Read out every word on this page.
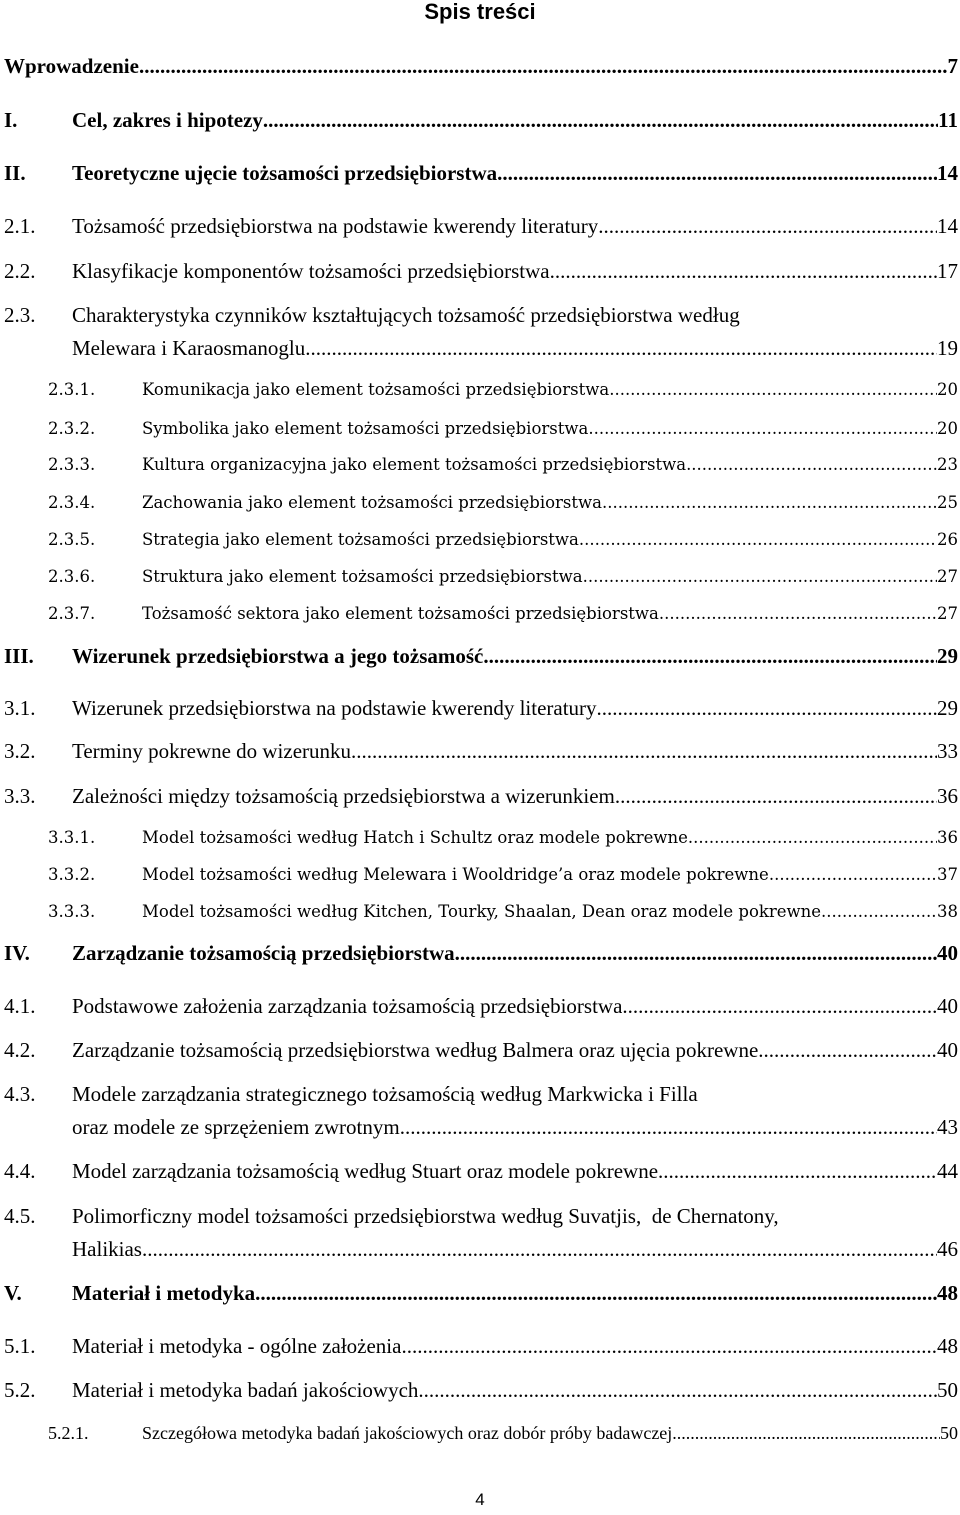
Spis treści
Wprowadzenie .....	7
I.	Cel, zakres i hipotezy .....	11
II.	Teoretyczne ujęcie tożsamości przedsiębiorstwa .....	14
2.1.	Tożsamość przedsiębiorstwa na podstawie kwerendy literatury .....	14
2.2.	Klasyfikacje komponentów tożsamości przedsiębiorstwa .....	17
2.3.	Charakterystyka czynników kształtujących tożsamość przedsiębiorstwa według
Melewara i Karaosmanoglu .....	19
2.3.1.	Komunikacja jako element tożsamości przedsiębiorstwa .....	20
2.3.2.	Symbolika jako element tożsamości przedsiębiorstwa .....	20
2.3.3.	Kultura organizacyjna jako element tożsamości przedsiębiorstwa .....	23
2.3.4.	Zachowania jako element tożsamości przedsiębiorstwa .....	25
2.3.5.	Strategia jako element tożsamości przedsiębiorstwa .....	26
2.3.6.	Struktura jako element tożsamości przedsiębiorstwa .....	27
2.3.7.	Tożsamość sektora jako element tożsamości przedsiębiorstwa .....	27
III.	Wizerunek przedsiębiorstwa a jego tożsamość .....	29
3.1.	Wizerunek przedsiębiorstwa na podstawie kwerendy literatury .....	29
3.2.	Terminy pokrewne do wizerunku .....	33
3.3.	Zależności między tożsamością przedsiębiorstwa a wizerunkiem .....	36
3.3.1.	Model tożsamości według Hatch i Schultz oraz modele pokrewne .....	36
3.3.2.	Model tożsamości według Melewara i Wooldridge’a oraz modele pokrewne .....	37
3.3.3.	Model tożsamości według Kitchen, Tourky, Shaalan, Dean oraz modele pokrewne .....	38
IV.	Zarządzanie tożsamością przedsiębiorstwa .....	40
4.1.	Podstawowe założenia zarządzania tożsamością przedsiębiorstwa .....	40
4.2.	Zarządzanie tożsamością przedsiębiorstwa według Balmera oraz ujęcia pokrewne .....	40
4.3.	Modele zarządzania strategicznego tożsamością według Markwicka i Filla
oraz modele ze sprzężeniem zwrotnym .....	43
4.4.	Model zarządzania tożsamością według Stuart oraz modele pokrewne .....	44
4.5.	Polimorficzny model tożsamości przedsiębiorstwa według Suvatjis,  de Chernatony,
Halikias .....	46
V.	Materiał i metodyka .....	48
5.1.	Materiał i metodyka - ogólne założenia .....	48
5.2.	Materiał i metodyka badań jakościowych .....	50
5.2.1.	Szczegółowa metodyka badań jakościowych oraz dobór próby badawczej .....	50
4
